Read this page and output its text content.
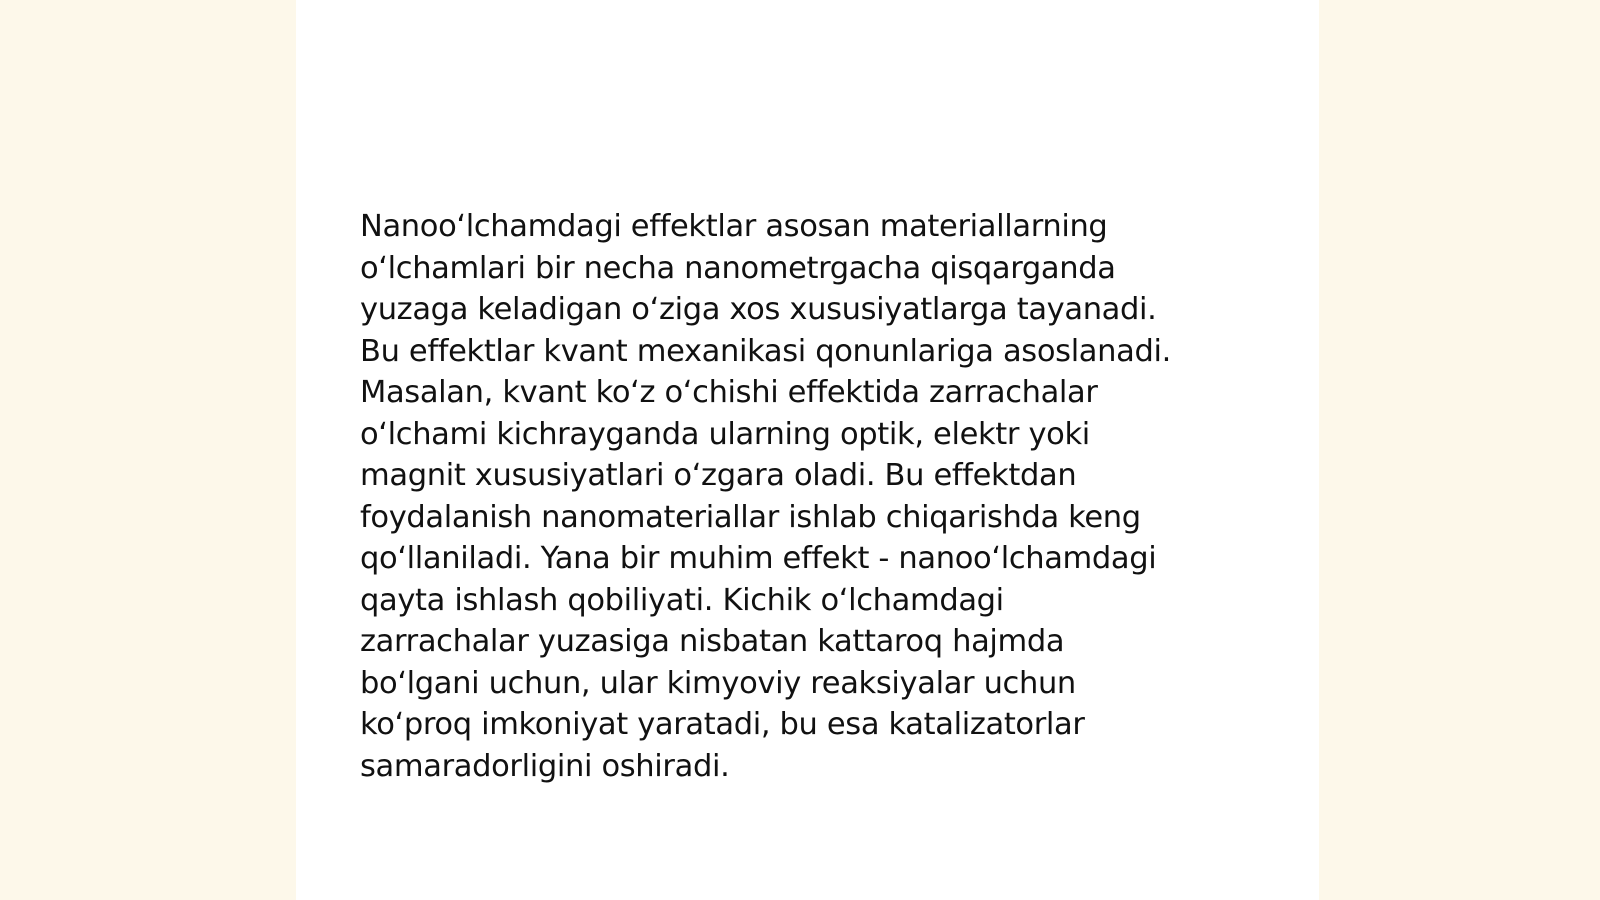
Nanooʻlchamdagi effektlar asosan materiallarning
oʻlchamlari bir necha nanometrgacha qisqarganda
yuzaga keladigan oʻziga xos xususiyatlarga tayanadi.
Bu effektlar kvant mexanikasi qonunlariga asoslanadi.
Masalan, kvant koʻz oʻchishi effektida zarrachalar
oʻlchami kichrayganda ularning optik, elektr yoki
magnit xususiyatlari oʻzgara oladi. Bu effektdan
foydalanish nanomateriallar ishlab chiqarishda keng
qoʻllaniladi. Yana bir muhim effekt - nanooʻlchamdagi
qayta ishlash qobiliyati. Kichik oʻlchamdagi
zarrachalar yuzasiga nisbatan kattaroq hajmda
boʻlgani uchun, ular kimyoviy reaksiyalar uchun
koʻproq imkoniyat yaratadi, bu esa katalizatorlar
samaradorligini oshiradi.
